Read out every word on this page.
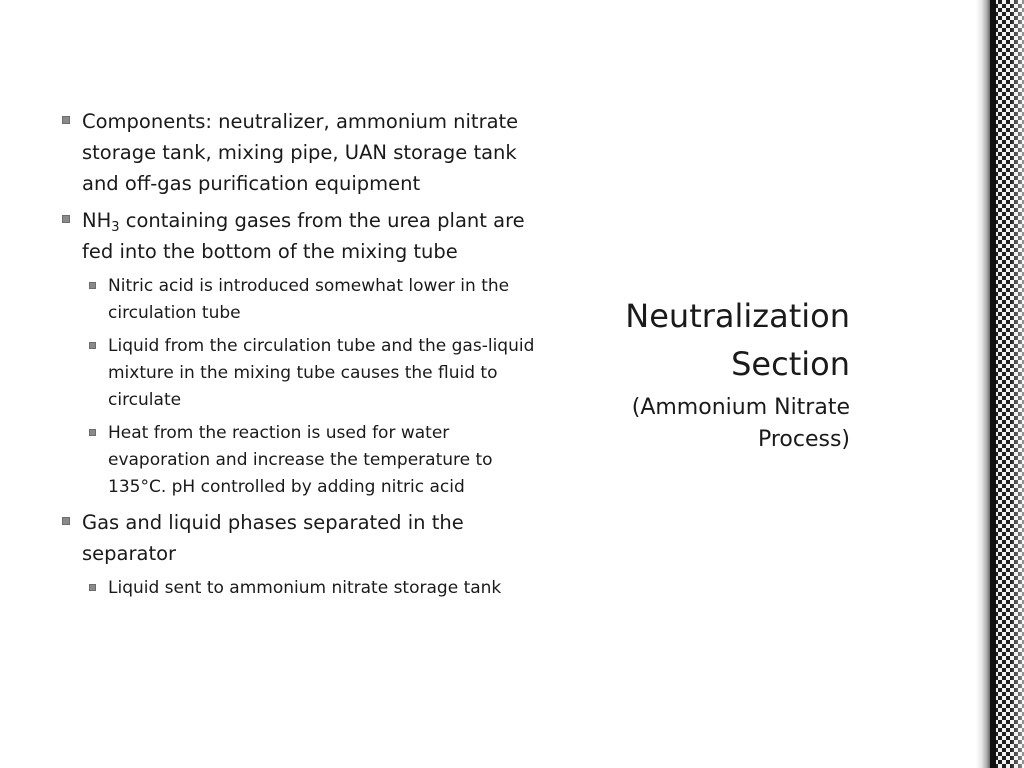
Components: neutralizer, ammonium nitrate storage tank, mixing pipe, UAN storage tank and off-gas purification equipment
$NH_3$ containing gases from the urea plant are fed into the bottom of the mixing tube
Nitric acid is introduced somewhat lower in the circulation tube
Liquid from the circulation tube and the gas-liquid mixture in the mixing tube causes the fluid to circulate
Heat from the reaction is used for water evaporation and increase the temperature to 135°C. pH controlled by adding nitric acid
Gas and liquid phases separated in the separator
Liquid sent to ammonium nitrate storage tank
Neutralization
Section
(Ammonium Nitrate
Process)
